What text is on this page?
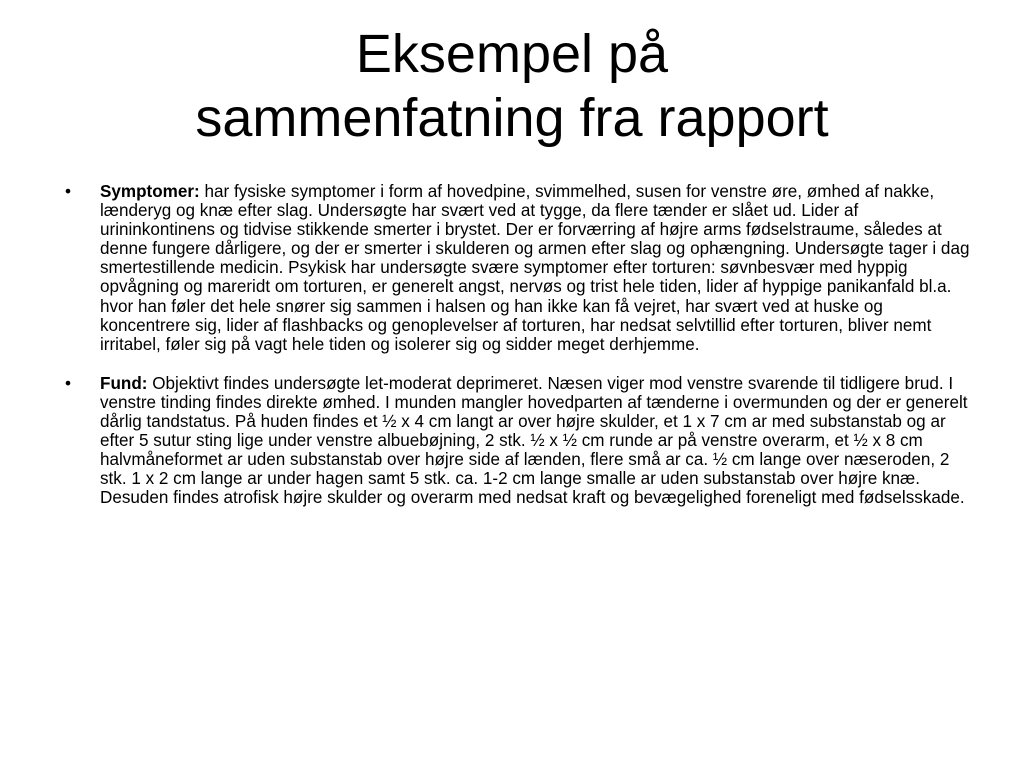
Eksempel på
sammenfatning fra rapport
•	Symptomer: har fysiske symptomer i form af hovedpine, svimmelhed, susen for venstre øre, ømhed af nakke, lænderyg og knæ efter slag. Undersøgte har svært ved at tygge, da flere tænder er slået ud. Lider af urininkontinens og tidvise stikkende smerter i brystet. Der er forværring af højre arms fødselstraume, således at denne fungere dårligere, og der er smerter i skulderen og armen efter slag og ophængning. Undersøgte tager i dag smertestillende medicin. Psykisk har undersøgte svære symptomer efter torturen: søvnbesvær med hyppig opvågning og mareridt om torturen, er generelt angst, nervøs og trist hele tiden, lider af hyppige panikanfald bl.a. hvor han føler det hele snører sig sammen i halsen og han ikke kan få vejret, har svært ved at huske og koncentrere sig, lider af flashbacks og genoplevelser af torturen, har nedsat selvtillid efter torturen, bliver nemt irritabel, føler sig på vagt hele tiden og isolerer sig og sidder meget derhjemme.
•	Fund: Objektivt findes undersøgte let-moderat deprimeret. Næsen viger mod venstre svarende til tidligere brud. I venstre tinding findes direkte ømhed. I munden mangler hovedparten af tænderne i overmunden og der er generelt dårlig tandstatus. På huden findes et ½ x 4 cm langt ar over højre skulder, et 1 x 7 cm ar med substanstab og ar efter 5 sutur sting lige under venstre albuebøjning, 2 stk. ½ x ½ cm runde ar på venstre overarm, et ½ x 8 cm halvmåneformet ar uden substanstab over højre side af lænden, flere små ar ca. ½ cm lange over næseroden, 2 stk. 1 x 2 cm lange ar under hagen samt 5 stk. ca. 1-2 cm lange smalle ar uden substanstab over højre knæ. Desuden findes atrofisk højre skulder og overarm med nedsat kraft og bevægelighed foreneligt med fødselsskade.
